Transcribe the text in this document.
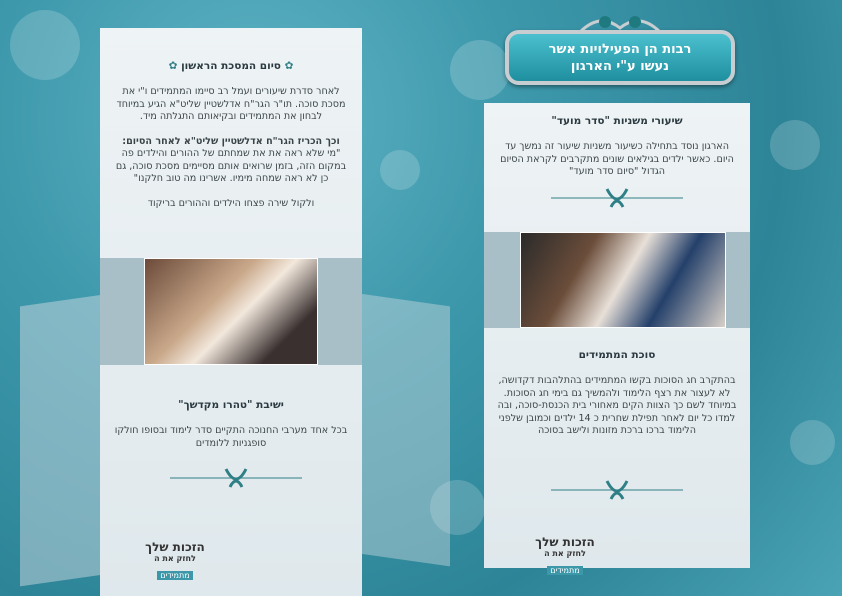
רבות הן הפעילויות אשר
נעשו ע"י הארגון
✿ סיום המסכת הראשון ✿

לאחר סדרת שיעורים ועמל רב סיימו המתמידים ו"י את מסכת סוכה. תו"ר הגר"ח אדלשטיין שליט"א הגיע במיוחד לבחון את המתמידים ובקיאותם התגלתה מיד.

וכך הכריז הגר"ח אדלשטיין שליט"א לאחר הסיום:

"מי שלא ראה את את שמחתם של ההורים והילדים פה במקום הזה, בזמן שרואים אותם מסיימים מסכת סוכה, גם כן לא ראה שמחה מימיו. אשרינו מה טוב חלקנו"

ולקול שירה פצחו הילדים וההורים בריקוד

ישיבת "טהרו מקדשך"

בכל אחד מערבי החנוכה התקיים סדר לימוד ובסופו חולקו סופגניות ללומדים

הזכות שלך
לחזק את ה
מתמידים
שיעורי משניות "סדר מועד"

הארגון נוסד בתחילה כשיעור משניות שיעור זה נמשך עד היום. כאשר ילדים בגילאים שונים מתקרבים לקראת הסיום הגדול "סיום סדר מועד"

סוכת המתמידים

בהתקרב חג הסוכות בקשו המתמידים בהתלהבות דקדושה, לא לעצור את רצף הלימוד ולהמשיך גם בימי חג הסוכות.

במיוחד לשם כך הצוות הקים מאחורי בית הכנסת-סוכה, ובה למדו כל יום לאחר תפילת שחרית כ 14 ילדים וכמובן שלפני הלימוד ברכו ברכת מזונות ולישב בסוכה

הזכות שלך
לחזק את ה
מתמידים
